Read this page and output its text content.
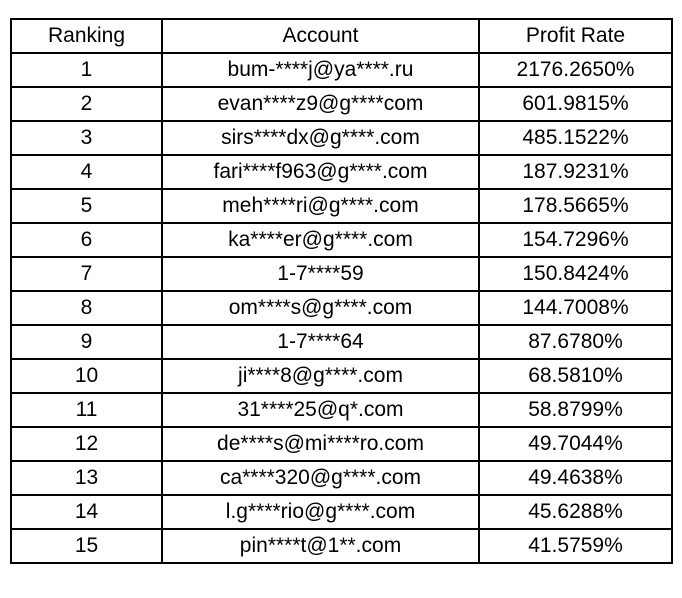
Ranking	Account	Profit Rate
1	bum-****j@ya****.ru	2176.2650%
2	evan****z9@g****com	601.9815%
3	sirs****dx@g****.com	485.1522%
4	fari****f963@g****.com	187.9231%
5	meh****ri@g****.com	178.5665%
6	ka****er@g****.com	154.7296%
7	1-7****59	150.8424%
8	om****s@g****.com	144.7008%
9	1-7****64	87.6780%
10	ji****8@g****.com	68.5810%
11	31****25@q*.com	58.8799%
12	de****s@mi****ro.com	49.7044%
13	ca****320@g****.com	49.4638%
14	l.g****rio@g****.com	45.6288%
15	pin****t@1**.com	41.5759%
